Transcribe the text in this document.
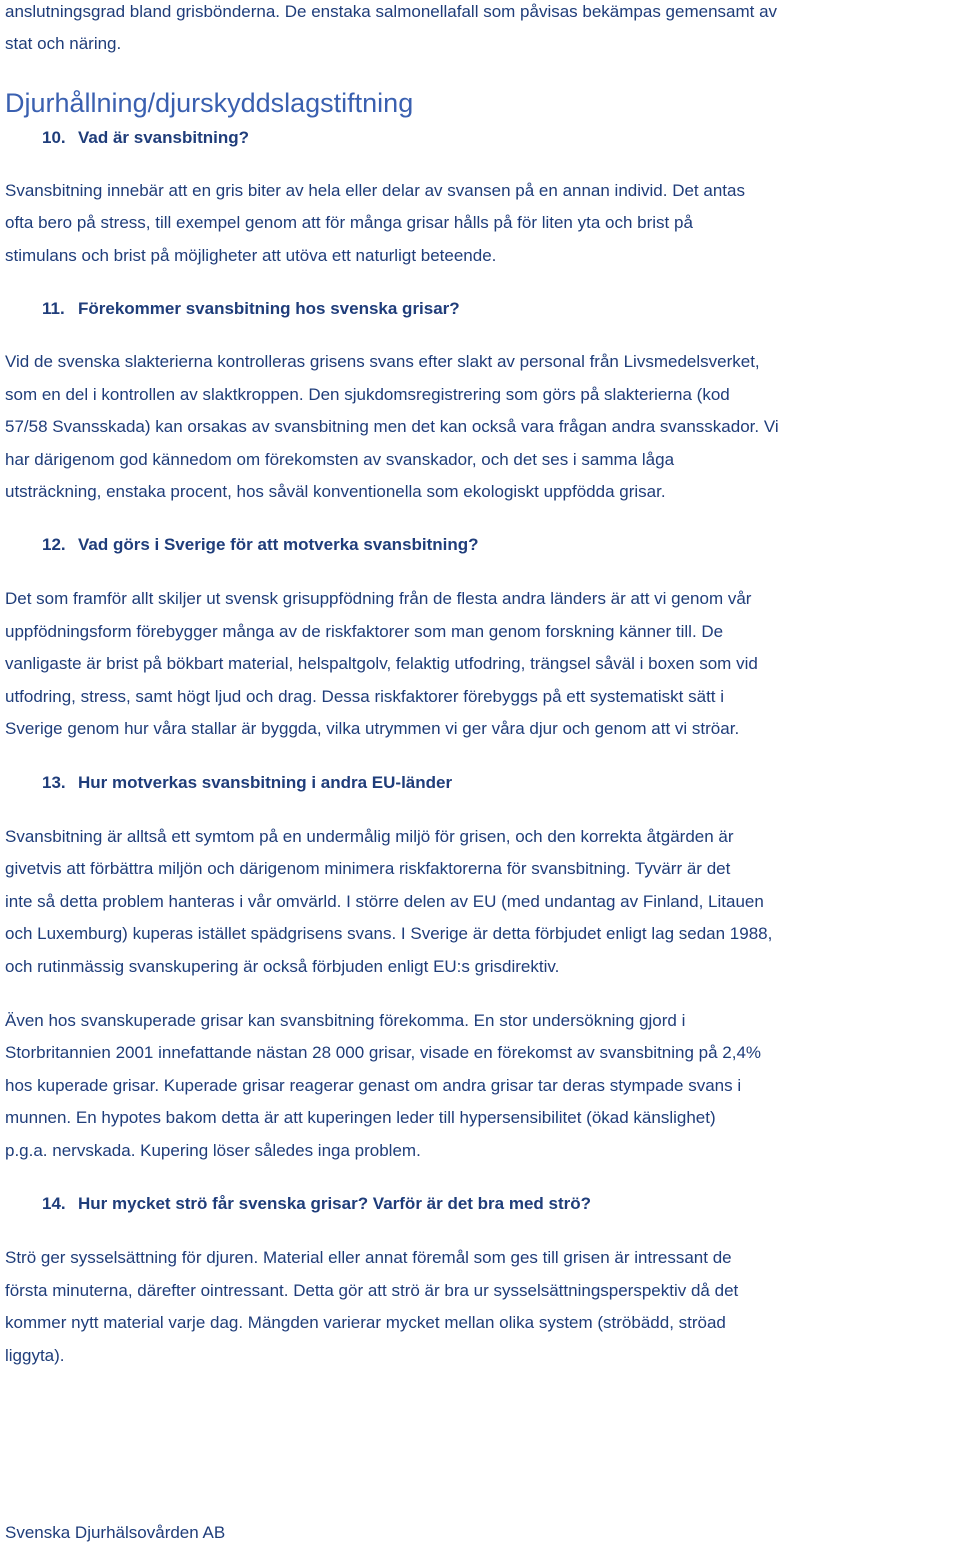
anslutningsgrad bland grisbönderna. De enstaka salmonellafall som påvisas bekämpas gemensamt av

stat och näring.

Djurhållning/djurskyddslagstiftning
10. Vad är svansbitning?

Svansbitning innebär att en gris biter av hela eller delar av svansen på en annan individ. Det antas

ofta bero på stress, till exempel genom att för många grisar hålls på för liten yta och brist på

stimulans och brist på möjligheter att utöva ett naturligt beteende.

11. Förekommer svansbitning hos svenska grisar?

Vid de svenska slakterierna kontrolleras grisens svans efter slakt av personal från Livsmedelsverket,

som en del i kontrollen av slaktkroppen. Den sjukdomsregistrering som görs på slakterierna (kod

57/58 Svansskada) kan orsakas av svansbitning men det kan också vara frågan andra svansskador. Vi

har därigenom god kännedom om förekomsten av svanskador, och det ses i samma låga

utsträckning, enstaka procent, hos såväl konventionella som ekologiskt uppfödda grisar.

12. Vad görs i Sverige för att motverka svansbitning?

Det som framför allt skiljer ut svensk grisuppfödning från de flesta andra länders är att vi genom vår

uppfödningsform förebygger många av de riskfaktorer som man genom forskning känner till. De

vanligaste är brist på bökbart material, helspaltgolv, felaktig utfodring, trängsel såväl i boxen som vid

utfodring, stress, samt högt ljud och drag. Dessa riskfaktorer förebyggs på ett systematiskt sätt i

Sverige genom hur våra stallar är byggda, vilka utrymmen vi ger våra djur och genom att vi ströar.

13. Hur motverkas svansbitning i andra EU-länder

Svansbitning är alltså ett symtom på en undermålig miljö för grisen, och den korrekta åtgärden är

givetvis att förbättra miljön och därigenom minimera riskfaktorerna för svansbitning. Tyvärr är det

inte så detta problem hanteras i vår omvärld. I större delen av EU (med undantag av Finland, Litauen

och Luxemburg) kuperas istället spädgrisens svans. I Sverige är detta förbjudet enligt lag sedan 1988,

och rutinmässig svanskupering är också förbjuden enligt EU:s grisdirektiv.

Även hos svanskuperade grisar kan svansbitning förekomma. En stor undersökning gjord i

Storbritannien 2001 innefattande nästan 28 000 grisar, visade en förekomst av svansbitning på 2,4%

hos kuperade grisar. Kuperade grisar reagerar genast om andra grisar tar deras stympade svans i

munnen. En hypotes bakom detta är att kuperingen leder till hypersensibilitet (ökad känslighet)

p.g.a. nervskada. Kupering löser således inga problem.

14. Hur mycket strö får svenska grisar? Varför är det bra med strö?

Strö ger sysselsättning för djuren. Material eller annat föremål som ges till grisen är intressant de

första minuterna, därefter ointressant. Detta gör att strö är bra ur sysselsättningsperspektiv då det

kommer nytt material varje dag. Mängden varierar mycket mellan olika system (ströbädd, ströad

liggyta).

Svenska Djurhälsovården AB
